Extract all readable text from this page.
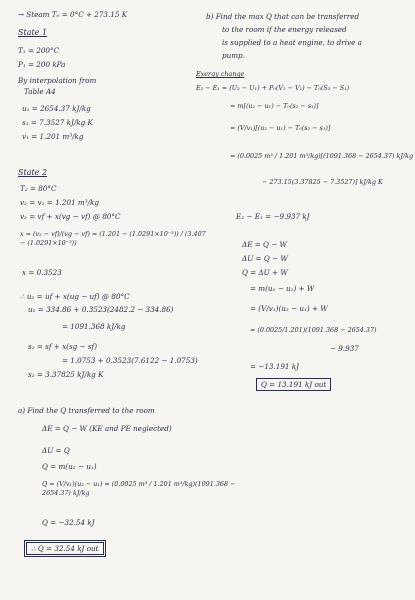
→ Steam T₀ = 0°C + 273.15 K
State 1
T₁ = 200°C
P₁ = 200 kPa
By interpolation from
Table A4
u₁ = 2654.37 kJ/kg
s₁ = 7.3527 kJ/kg K
v₁ = 1.201 m³/kg
State 2
T₂ = 80°C
v₂ = v₁ = 1.201 m³/kg
v₂ = vf + x(vg − vf) @ 80°C
x = (v₂ − vf)/(vg − vf) = (1.201 − (1.0291×10⁻³)) / (3.407 − (1.0291×10⁻³))
x = 0.3523
∴ u₂ = uf + x(ug − uf) @ 80°C
u₂ = 334.86 + 0.3523(2482.2 − 334.86)
= 1091.368 kJ/kg
s₂ = sf + x(sg − sf)
= 1.0753 + 0.3523(7.6122 − 1.0753)
s₂ = 3.37825 kJ/kg K
a) Find the Q transferred to the room
ΔE = Q − W (KE and PE neglected)
ΔU = Q
Q = m(u₂ − u₁)
Q = (V/v₁)(u₂ − u₁) = (0.0025 m³ / 1.201 m³/kg)(1091.368 − 2654.37) kJ/kg
Q = −32.54 kJ
∴ Q = 32.54 kJ out
b) Find the max Q that can be transferred
to the room if the energy released
is supplied to a heat engine, to drive a
pump.
Exergy change
E₂ − E₁ = (U₂ − U₁) + P₀(V₂ − V₁) − T₀(S₂ − S₁)
= m[(u₂ − u₁) − T₀(s₂ − s₁)]
= (V/v₁)[(u₂ − u₁) − T₀(s₂ − s₁)]
= (0.0025 m³ / 1.201 m³/kg)[(1091.368 − 2654.37) kJ/kg
− 273.15(3.37825 − 7.3527)] kJ/kg K
E₂ − E₁ = −9.937 kJ
ΔE = Q − W
ΔU = Q − W
Q = ΔU + W
= m(u₂ − u₁) + W
= (V/v₁)(u₂ − u₁) + W
= (0.0025/1.201)(1091.368 − 2654.37)
− 9.937
= −13.191 kJ
Q = 13.191 kJ out
